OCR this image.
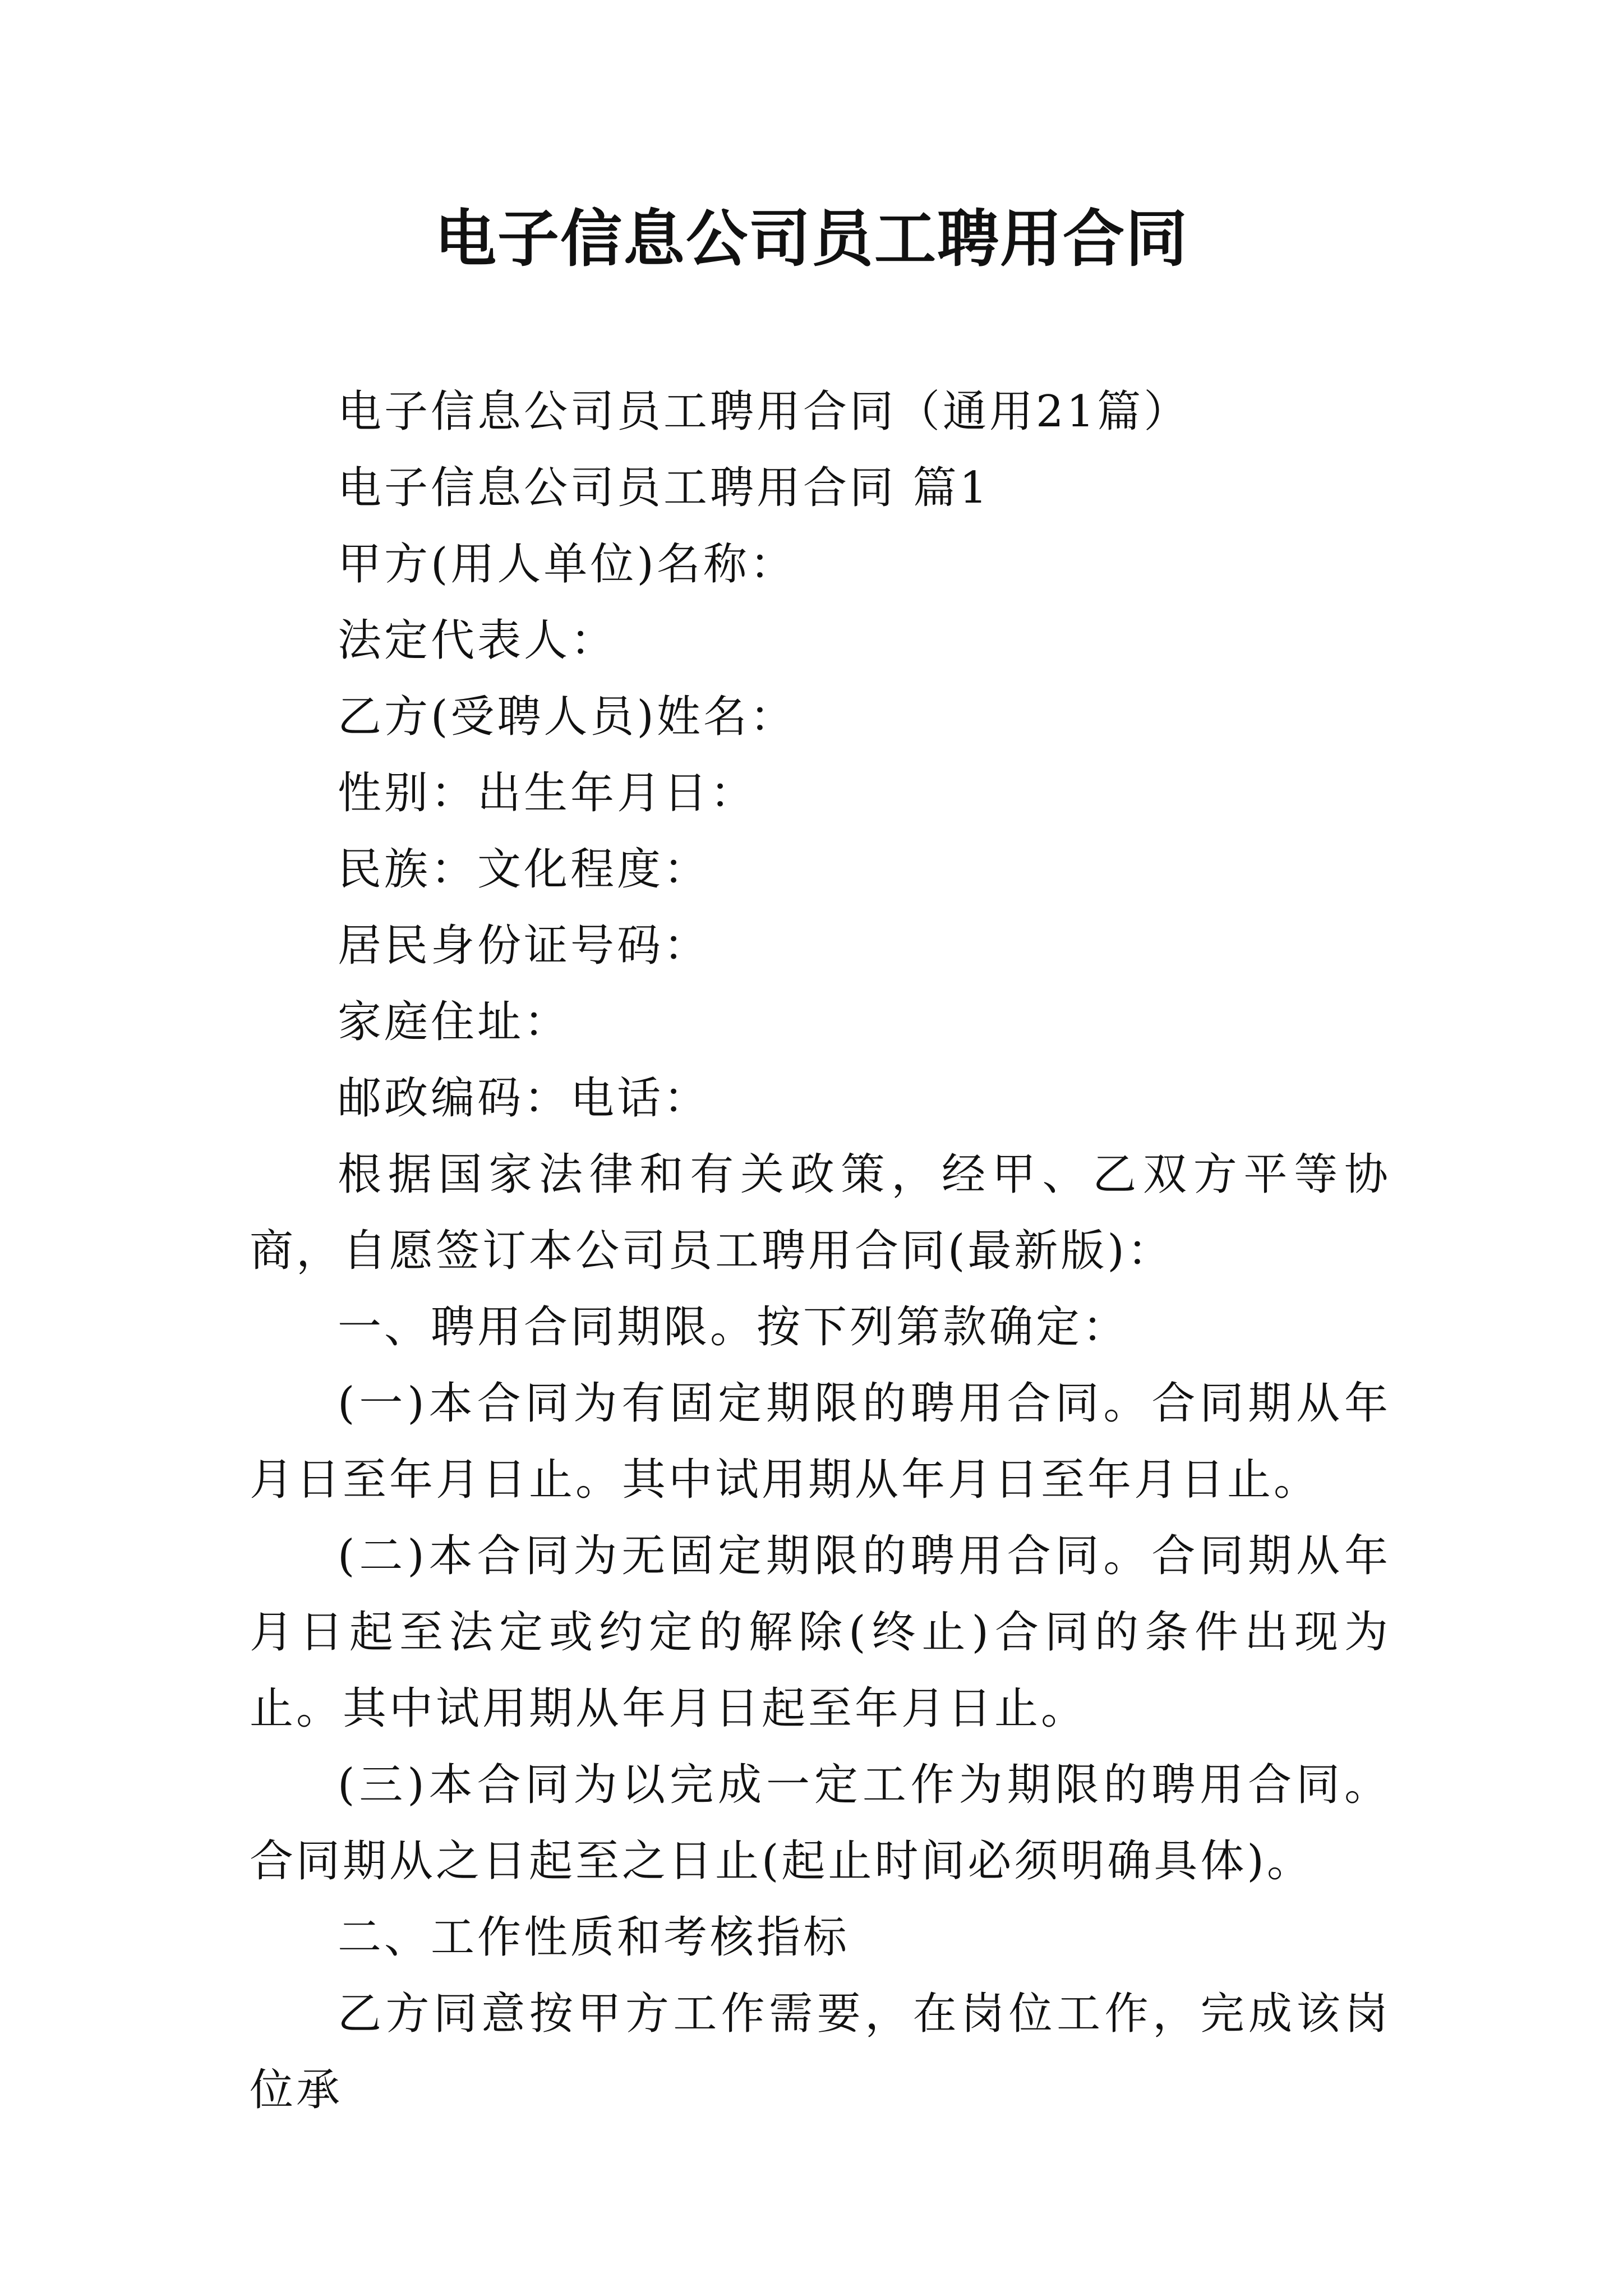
电子信息公司员工聘用合同

电子信息公司员工聘用合同（通用21篇）

电子信息公司员工聘用合同 篇1

甲方(用人单位)名称：

法定代表人：

乙方(受聘人员)姓名：

性别：出生年月日：

民族：文化程度：

居民身份证号码：

家庭住址：

邮政编码：电话：

根据国家法律和有关政策，经甲、乙双方平等协商，自愿签订本公司员工聘用合同(最新版)：

一、聘用合同期限。按下列第款确定：

(一)本合同为有固定期限的聘用合同。合同期从年月日至年月日止。其中试用期从年月日至年月日止。

(二)本合同为无固定期限的聘用合同。合同期从年月日起至法定或约定的解除(终止)合同的条件出现为止。其中试用期从年月日起至年月日止。

(三)本合同为以完成一定工作为期限的聘用合同。合同期从之日起至之日止(起止时间必须明确具体)。

二、工作性质和考核指标

乙方同意按甲方工作需要，在岗位工作，完成该岗位承
